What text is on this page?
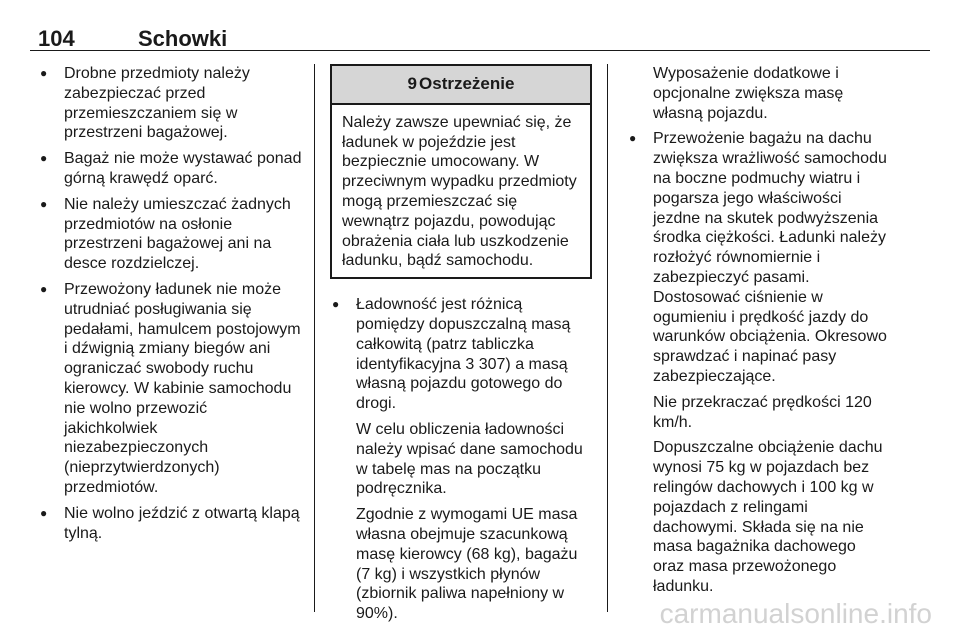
104	Schowki
● Drobne przedmioty należy zabezpieczać przed przemieszczaniem się w przestrzeni bagażowej.
● Bagaż nie może wystawać ponad górną krawędź oparć.
● Nie należy umieszczać żadnych przedmiotów na osłonie przestrzeni bagażowej ani na desce rozdzielczej.
● Przewożony ładunek nie może utrudniać posługiwania się pedałami, hamulcem postojowym i dźwignią zmiany biegów ani ograniczać swobody ruchu kierowcy. W kabinie samochodu nie wolno przewozić jakichkolwiek niezabezpieczonych (nieprzytwierdzonych) przedmiotów.
● Nie wolno jeździć z otwartą klapą tylną.
9 Ostrzeżenie
Należy zawsze upewniać się, że ładunek w pojeździe jest bezpiecznie umocowany. W przeciwnym wypadku przedmioty mogą przemieszczać się wewnątrz pojazdu, powodując obrażenia ciała lub uszkodzenie ładunku, bądź samochodu.
● Ładowność jest różnicą pomiędzy dopuszczalną masą całkowitą (patrz tabliczka identyfikacyjna 3 307) a masą własną pojazdu gotowego do drogi.

W celu obliczenia ładowności należy wpisać dane samochodu w tabelę mas na początku podręcznika.

Zgodnie z wymogami UE masa własna obejmuje szacunkową masę kierowcy (68 kg), bagażu (7 kg) i wszystkich płynów (zbiornik paliwa napełniony w 90%).

Wyposażenie dodatkowe i opcjonalne zwiększa masę własną pojazdu.

● Przewożenie bagażu na dachu zwiększa wrażliwość samochodu na boczne podmuchy wiatru i pogarsza jego właściwości jezdne na skutek podwyższenia środka ciężkości. Ładunki należy rozłożyć równomiernie i zabezpieczyć pasami. Dostosować ciśnienie w ogumieniu i prędkość jazdy do warunków obciążenia. Okresowo sprawdzać i napinać pasy zabezpieczające.

Nie przekraczać prędkości 120 km/h.

Dopuszczalne obciążenie dachu wynosi 75 kg w pojazdach bez relingów dachowych i 100 kg w pojazdach z relingami dachowymi. Składa się na nie masa bagażnika dachowego oraz masa przewożonego ładunku.

carmanualsonline.info
